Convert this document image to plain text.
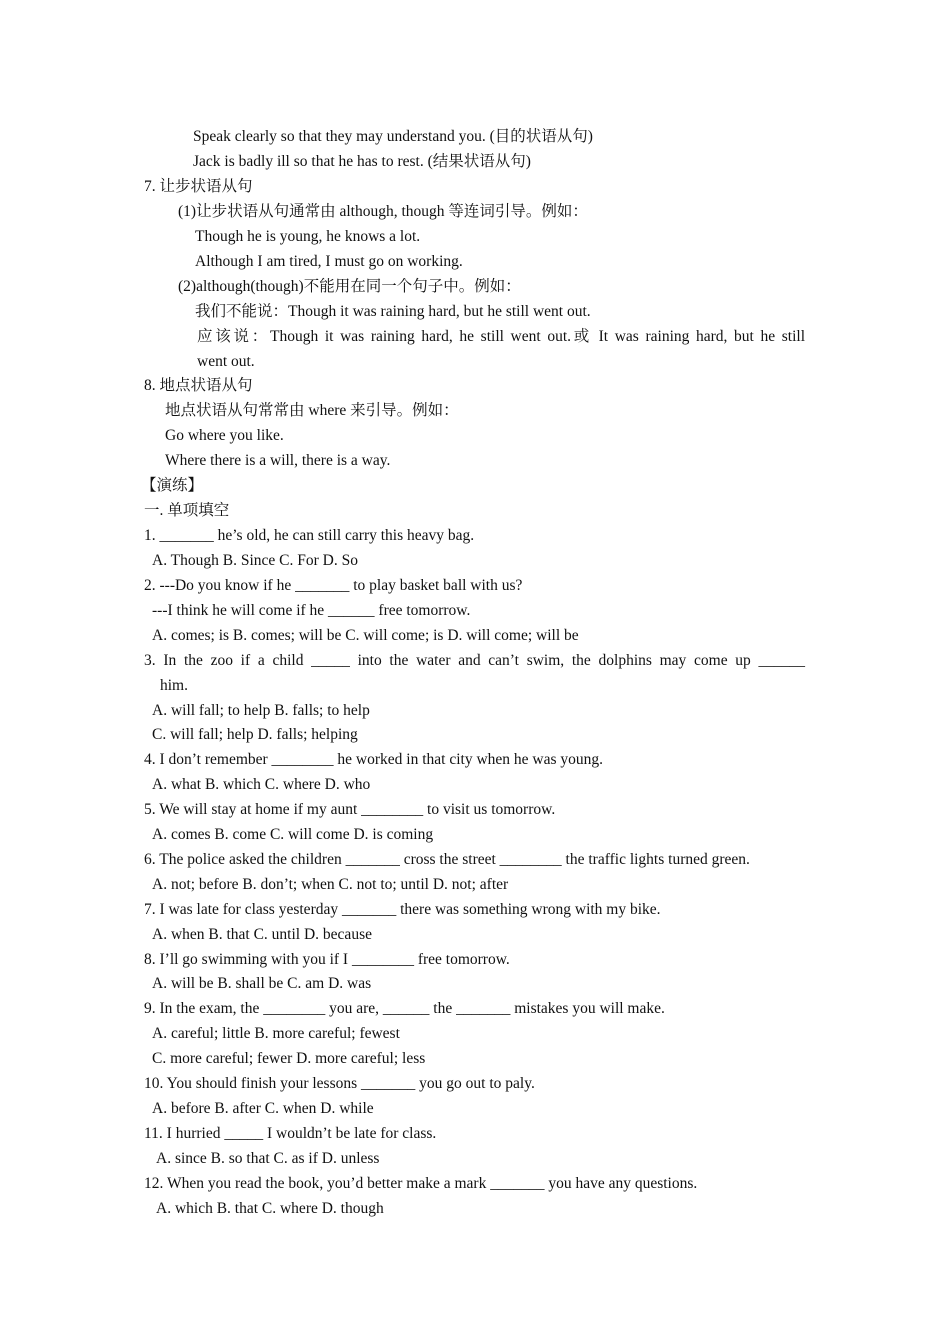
Speak clearly so that they may understand you. (目的状语从句)
Jack is badly ill so that he has to rest. (结果状语从句)
7. 让步状语从句
(1)让步状语从句通常由 although, though 等连词引导。例如：
Though he is young, he knows a lot.
Although I am tired, I must go on working.
(2)although(though)不能用在同一个句子中。例如：
我们不能说：Though it was raining hard, but he still went out.
应该说：Though it was raining hard, he still went out.或 It was raining hard, but he still
went out.
8. 地点状语从句
地点状语从句常常由 where 来引导。例如：
Go where you like.
Where there is a will, there is a way.
【演练】
一. 单项填空
1. _______ he’s old, he can still carry this heavy bag.
A. Though B. Since C. For D. So
2. ---Do you know if he _______ to play basket ball with us?
---I think he will come if he ______ free tomorrow.
A. comes; is B. comes; will be C. will come; is D. will come; will be
3. In the zoo if a child _____ into the water and can’t swim, the dolphins may come up ______
him.
A. will fall; to help B. falls; to help
C. will fall; help D. falls; helping
4. I don’t remember ________ he worked in that city when he was young.
A. what B. which C. where D. who
5. We will stay at home if my aunt ________ to visit us tomorrow.
A. comes B. come C. will come D. is coming
6. The police asked the children _______ cross the street ________ the traffic lights turned green.
A. not; before B. don’t; when C. not to; until D. not; after
7. I was late for class yesterday _______ there was something wrong with my bike.
A. when B. that C. until D. because
8. I’ll go swimming with you if I ________ free tomorrow.
A. will be B. shall be C. am D. was
9. In the exam, the ________ you are, ______ the _______ mistakes you will make.
A. careful; little B. more careful; fewest
C. more careful; fewer D. more careful; less
10. You should finish your lessons _______ you go out to paly.
A. before B. after C. when D. while
11. I hurried _____ I wouldn’t be late for class.
A. since B. so that C. as if D. unless
12. When you read the book, you’d better make a mark _______ you have any questions.
A. which B. that C. where D. though
